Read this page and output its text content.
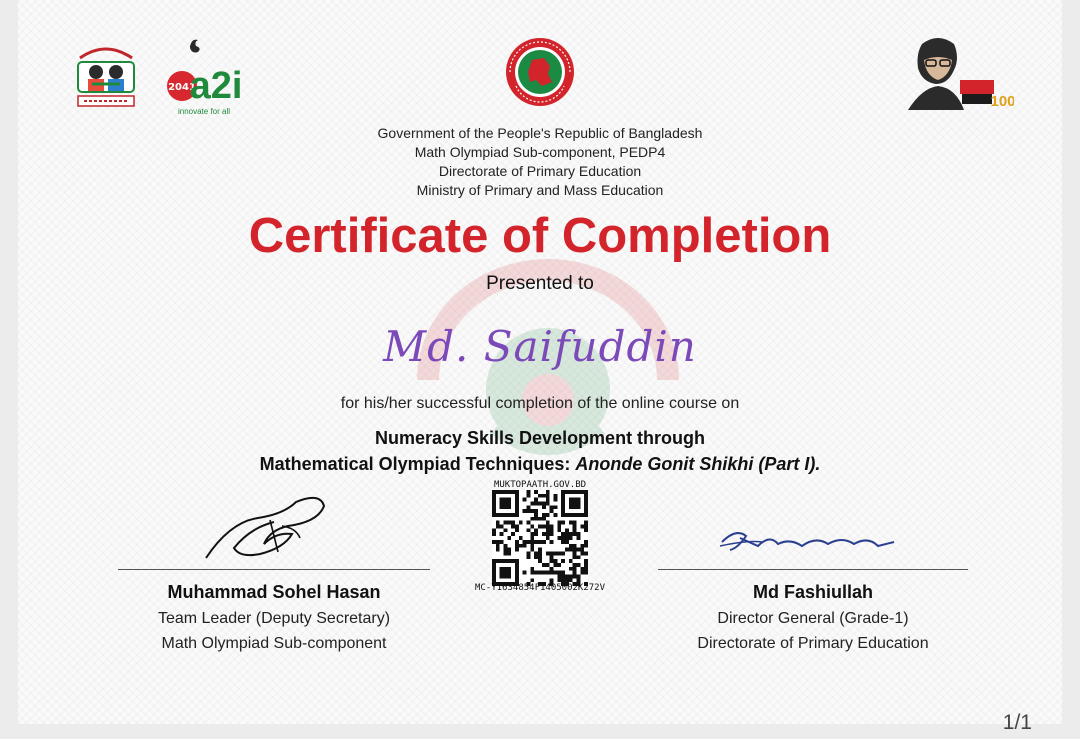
2041
a2i
innovate for all
100
Government of the People's Republic of Bangladesh
Math Olympiad Sub-component, PEDP4
Directorate of Primary Education
Ministry of Primary and Mass Education
Certificate of Completion
Presented to
Md. Saifuddin
for his/her successful completion of the online course on
Numeracy Skills Development through
Mathematical Olympiad Techniques: Anonde Gonit Shikhi (Part I).
MUKTOPAATH.GOV.BD
MC-Y1634854F1405002K272V
Muhammad Sohel Hasan
Team Leader (Deputy Secretary)
Math Olympiad Sub-component
Md Fashiullah
Director General (Grade-1)
Directorate of Primary Education
1/1
